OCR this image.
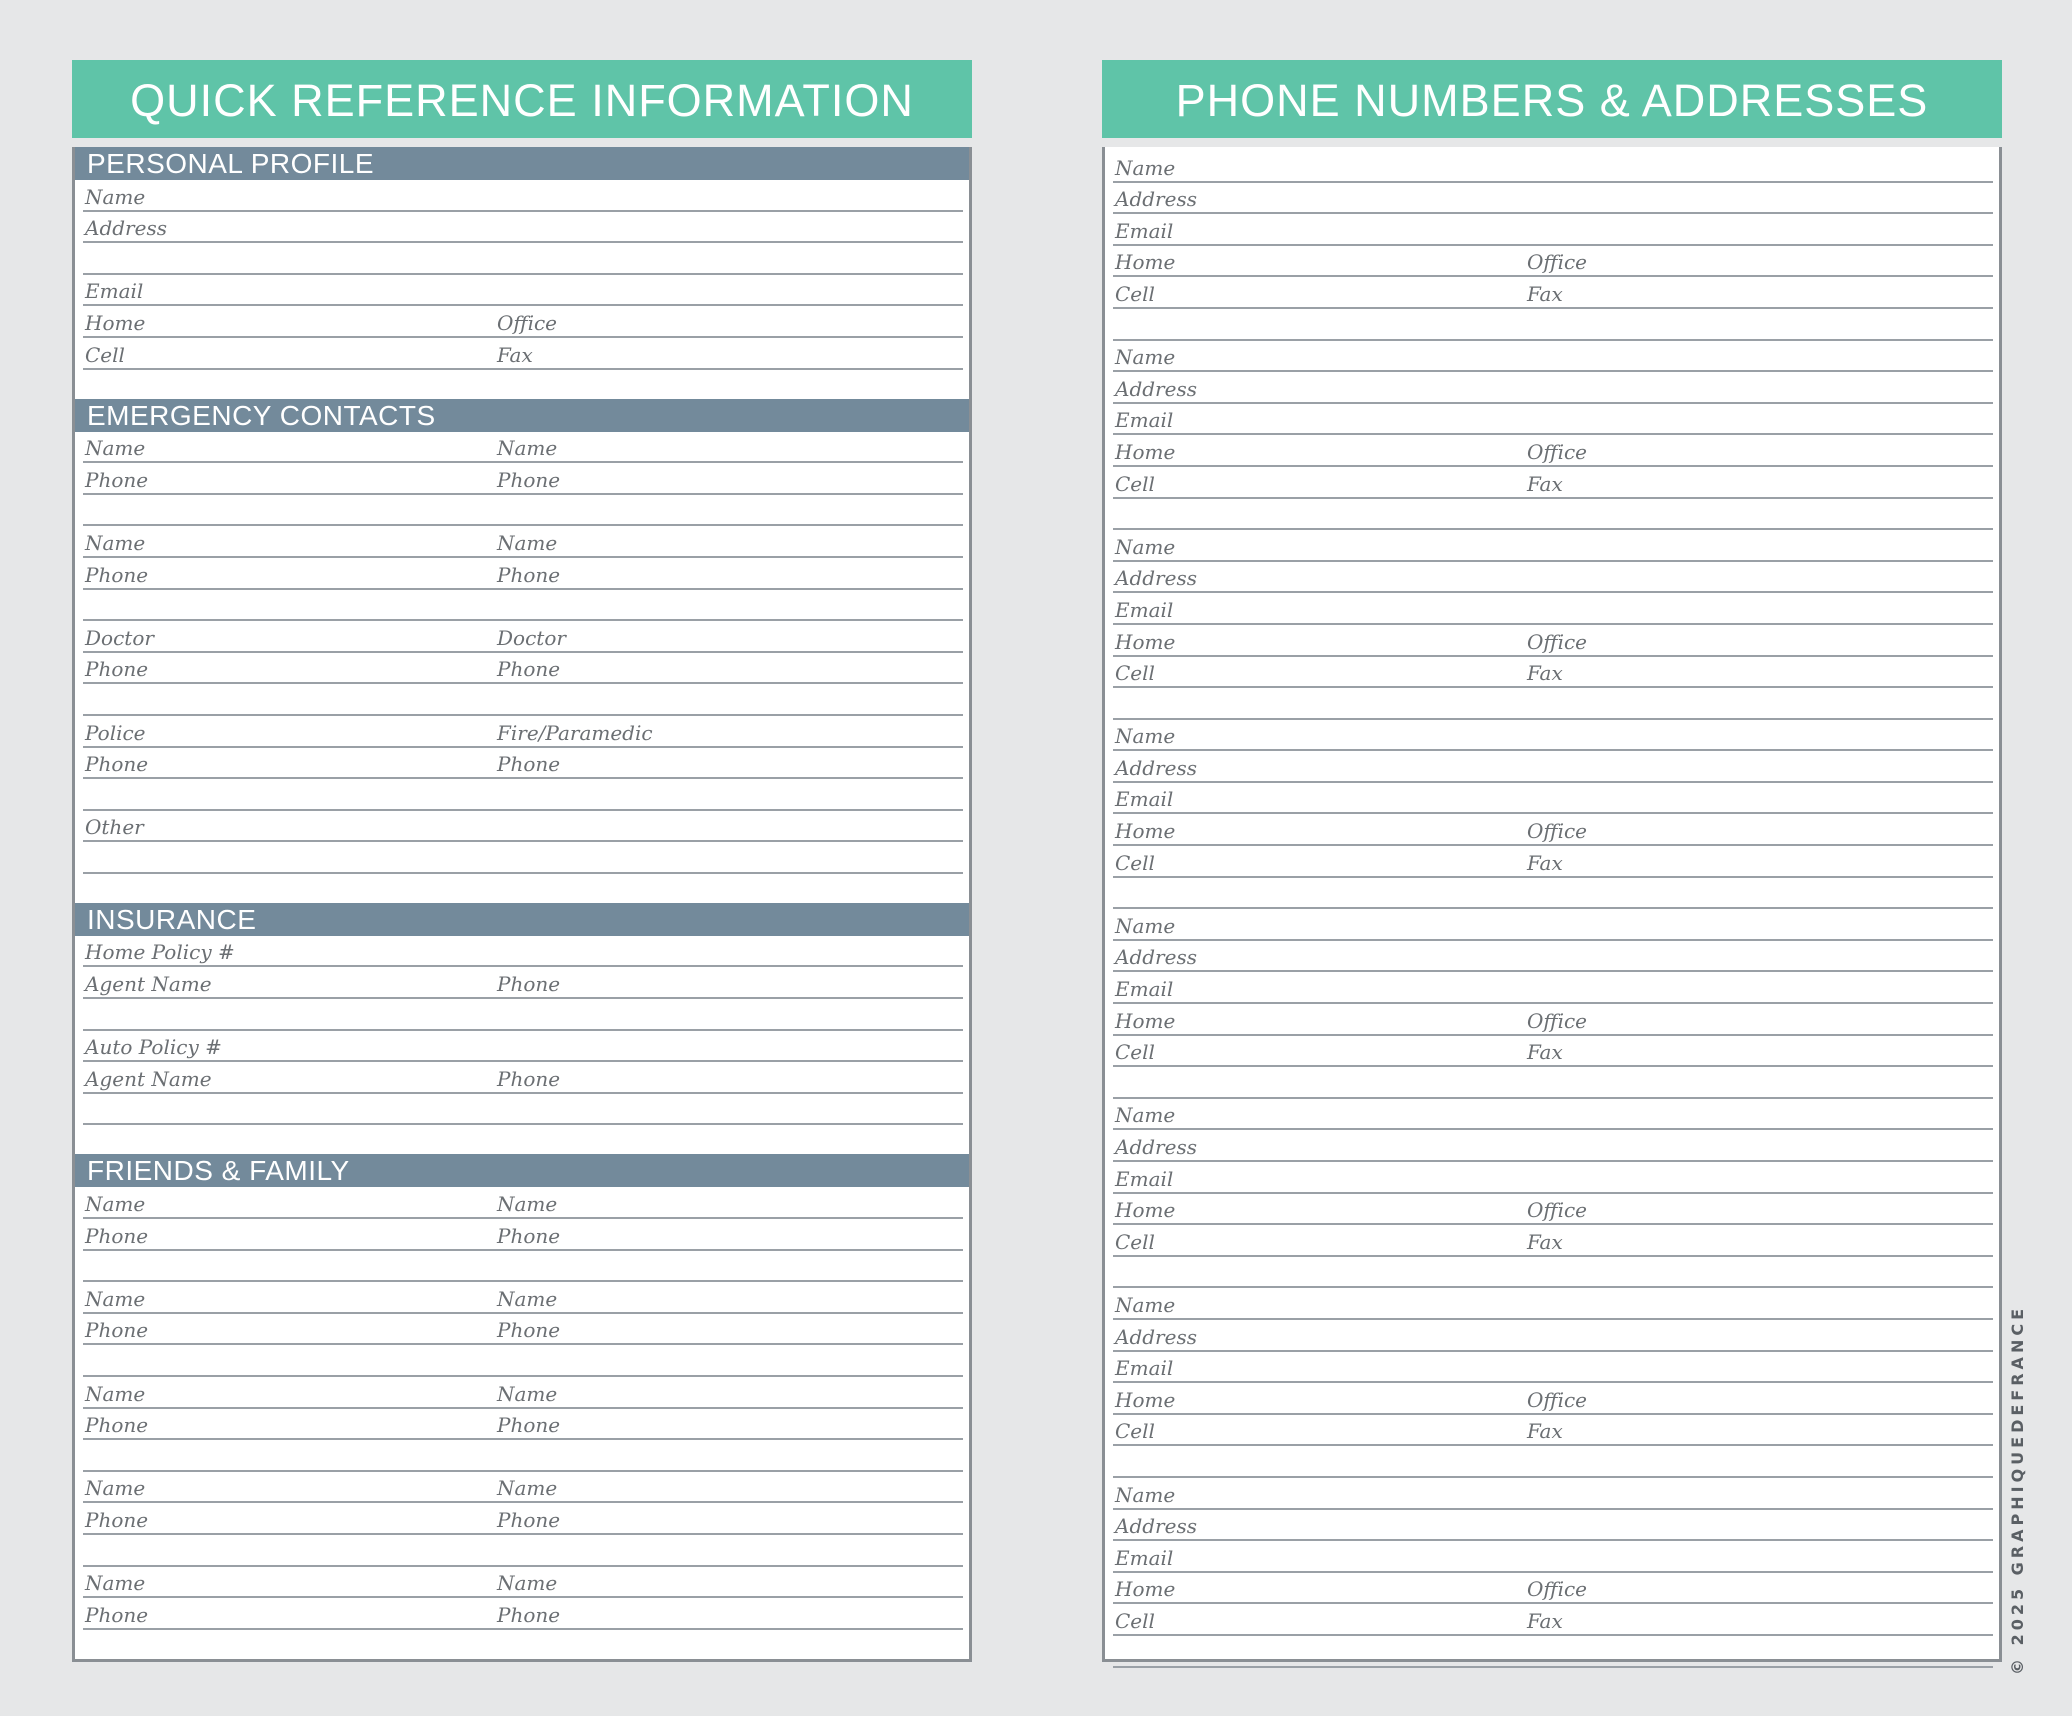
QUICK REFERENCE INFORMATION
PERSONAL PROFILE
Name
Address
Email
Home	Office
Cell	Fax
EMERGENCY CONTACTS
Name	Name
Phone	Phone
Name	Name
Phone	Phone
Doctor	Doctor
Phone	Phone
Police	Fire/Paramedic
Phone	Phone
Other
INSURANCE
Home Policy #
Agent Name	Phone
Auto Policy #
Agent Name	Phone
FRIENDS & FAMILY
Name	Name
Phone	Phone
Name	Name
Phone	Phone
Name	Name
Phone	Phone
Name	Name
Phone	Phone
Name	Name
Phone	Phone
PHONE NUMBERS & ADDRESSES
Name
Address
Email
Home	Office
Cell	Fax
Name
Address
Email
Home	Office
Cell	Fax
Name
Address
Email
Home	Office
Cell	Fax
Name
Address
Email
Home	Office
Cell	Fax
Name
Address
Email
Home	Office
Cell	Fax
Name
Address
Email
Home	Office
Cell	Fax
Name
Address
Email
Home	Office
Cell	Fax
Name
Address
Email
Home	Office
Cell	Fax	© 2025 GRAPHIQUEDEFRANCE
